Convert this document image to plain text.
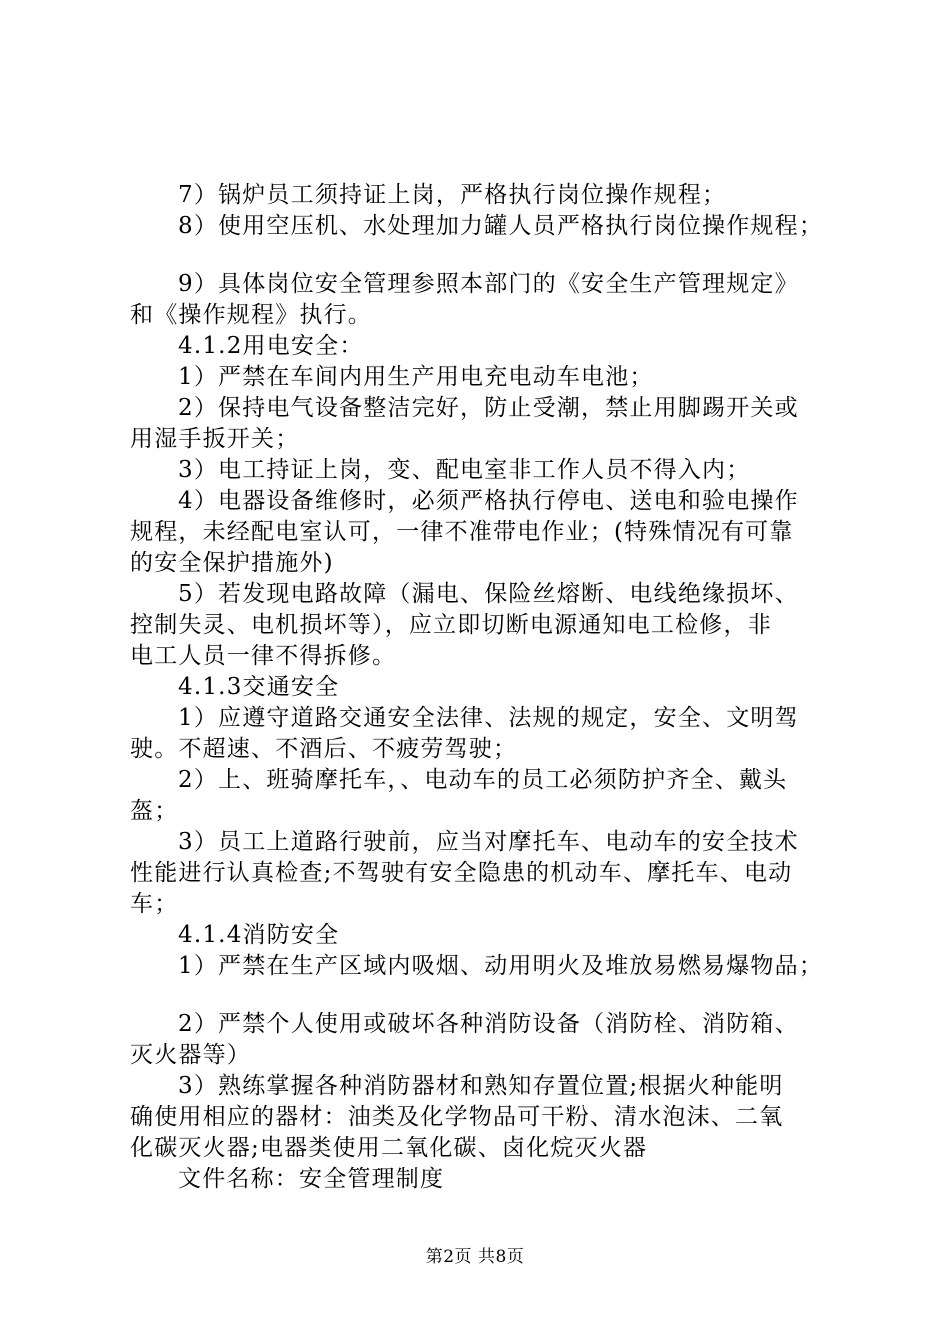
7）锅炉员工须持证上岗，严格执行岗位操作规程；
8）使用空压机、水处理加力罐人员严格执行岗位操作规程；
9）具体岗位安全管理参照本部门的《安全生产管理规定》
和《操作规程》执行。
4.1.2用电安全：
1）严禁在车间内用生产用电充电动车电池；
2）保持电气设备整洁完好，防止受潮，禁止用脚踢开关或
用湿手扳开关；
3）电工持证上岗，变、配电室非工作人员不得入内；
4）电器设备维修时，必须严格执行停电、送电和验电操作
规程，未经配电室认可，一律不准带电作业；(特殊情况有可靠
的安全保护措施外)
5）若发现电路故障（漏电、保险丝熔断、电线绝缘损坏、
控制失灵、电机损坏等），应立即切断电源通知电工检修，非
电工人员一律不得拆修。
4.1.3交通安全
1）应遵守道路交通安全法律、法规的规定，安全、文明驾
驶。不超速、不酒后、不疲劳驾驶；
2）上、班骑摩托车，、电动车的员工必须防护齐全、戴头
盔；
3）员工上道路行驶前，应当对摩托车、电动车的安全技术
性能进行认真检查;不驾驶有安全隐患的机动车、摩托车、电动
车；
4.1.4消防安全
1）严禁在生产区域内吸烟、动用明火及堆放易燃易爆物品；
2）严禁个人使用或破坏各种消防设备（消防栓、消防箱、
灭火器等）
3）熟练掌握各种消防器材和熟知存置位置;根据火种能明
确使用相应的器材：油类及化学物品可干粉、清水泡沫、二氧
化碳灭火器;电器类使用二氧化碳、卤化烷灭火器
文件名称：安全管理制度
第2页 共8页
